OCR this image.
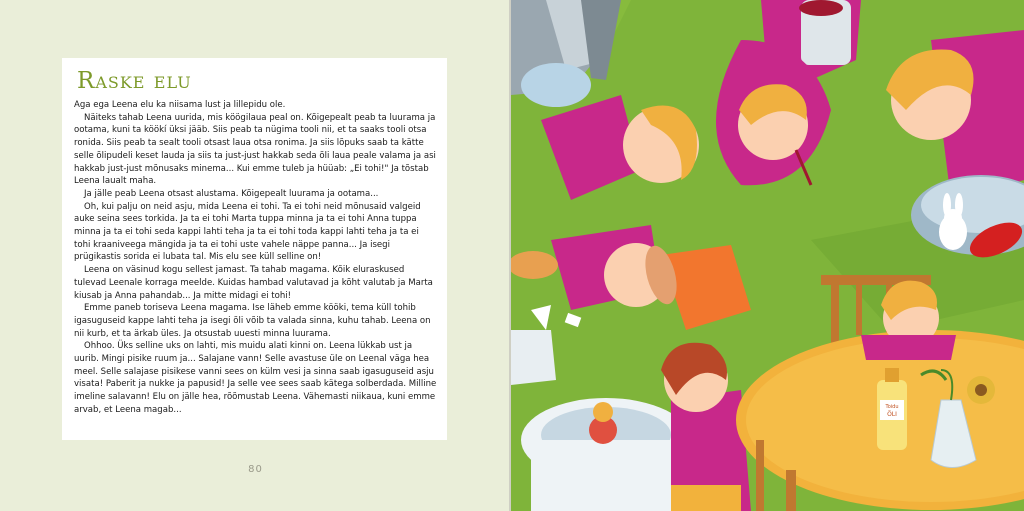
Raske elu

Aga ega Leena elu ka niisama lust ja lillepidu ole.

Näiteks tahab Leena uurida, mis köögilaua peal on. Kõigepealt peab ta luurama ja ootama, kuni ta köökí üksi jääb. Siis peab ta nügima tooli nii, et ta saaks tooli otsa ronida. Siis peab ta sealt tooli otsast laua otsa ronima. Ja siis lõpuks saab ta kätte selle õlipudeli keset lauda ja siis ta just-just hakkab seda õli laua peale valama ja asi hakkab just-just mõnusaks minema... Kui emme tuleb ja hüüab: „Ei tohi!" Ja tõstab Leena laualt maha.

Ja jälle peab Leena otsast alustama. Kõigepealt luurama ja ootama...

Oh, kui palju on neid asju, mida Leena ei tohi. Ta ei tohi neid mõnusaid valgeid auke seina sees torkida. Ja ta ei tohi Marta tuppa minna ja ta ei tohi Anna tuppa minna ja ta ei tohi seda kappi lahti teha ja ta ei tohi toda kappi lahti teha ja ta ei tohi kraaniveega mängida ja ta ei tohi uste vahele näppe panna... Ja isegi prügikastis sorida ei lubata tal. Mis elu see küll selline on!

Leena on väsinud kogu sellest jamast. Ta tahab magama. Kõik eluraskused tulevad Leenale korraga meelde. Kuidas hambad valutavad ja kõht valutab ja Marta kiusab ja Anna pahandab... Ja mitte midagi ei tohi!

Emme paneb toriseva Leena magama. Ise läheb emme kööki, tema küll tohib igasuguseid kappe lahti teha ja isegi õli võib ta valada sinna, kuhu tahab. Leena on nii kurb, et ta ärkab üles. Ja otsustab uuesti minna luurama.

Ohhoo. Üks selline uks on lahti, mis muidu alati kinni on. Leena lükkab ust ja uurib. Mingi pisike ruum ja... Salajane vann! Selle avastuse üle on Leenal väga hea meel. Selle salajase pisikese vanni sees on külm vesi ja sinna saab igasuguseid asju visata! Paberit ja nukke ja papusid! Ja selle vee sees saab kätega solberdada. Milline imeline salavann! Elu on jälle hea, rõõmustab Leena. Vähemasti niikaua, kuni emme arvab, et Leena magab...

80
Toidu
ÕLI
